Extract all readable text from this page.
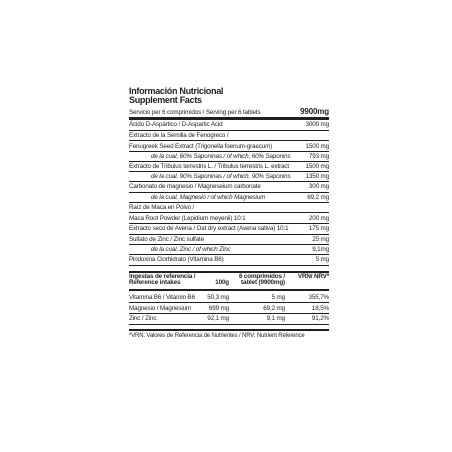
Información Nutricional
Supplement Facts
Servicio per 6 comprimidos / Serving per 6 tablets	9900mg
Ácido D-Aspártico / D-Aspartic Acid	3000 mg
Extracto de la Semilla de Fenogreco /
Fenugreek Seed Extract (Trigonella foenum-graecum)	1500 mg
de la cual, 60% Saponinas / of which, 60% Saponins	793 mg
Extracto de Tribulus terrestris L. / Tribulus terrestris L. extract	1500 mg
de la cual, 90% Saponinas / of which, 90% Saponins	1350 mg
Carbonato de magnesio / Magneseium carbonate	300 mg
de la cual, Magnesio / of which Magnesium	69,2 mg
Raíz de Maca en Polvo /
Maca Root Powder (Lepidium meyenii) 10:1	200 mg
Extracto seco de Avena / Oat dry extract (Avena sativa) 10:1	175 mg
Sulfato de Zinc / Zinc sulfate	25 mg
de la cual, Zinc / of which Zinc	9,1mg
Piridoxina Clorhidrato (Vitamina B6)	5 mg
Ingestas de referencia / Reference intakes	100g	6 comprimidos / tablet (9900mg)	VRN/ NRV*
Vitamina B6 / Vitamin B6	50,3 mg	5 mg	355,7%
Magnesio / Magnesium	699 mg	69,2 mg	18,5%
Zinc / Zinc	92,1 mg	9,1 mg	91,2%
*VRN: Valores de Referencia de Nutrientes / NRV: Nutrient Reference
